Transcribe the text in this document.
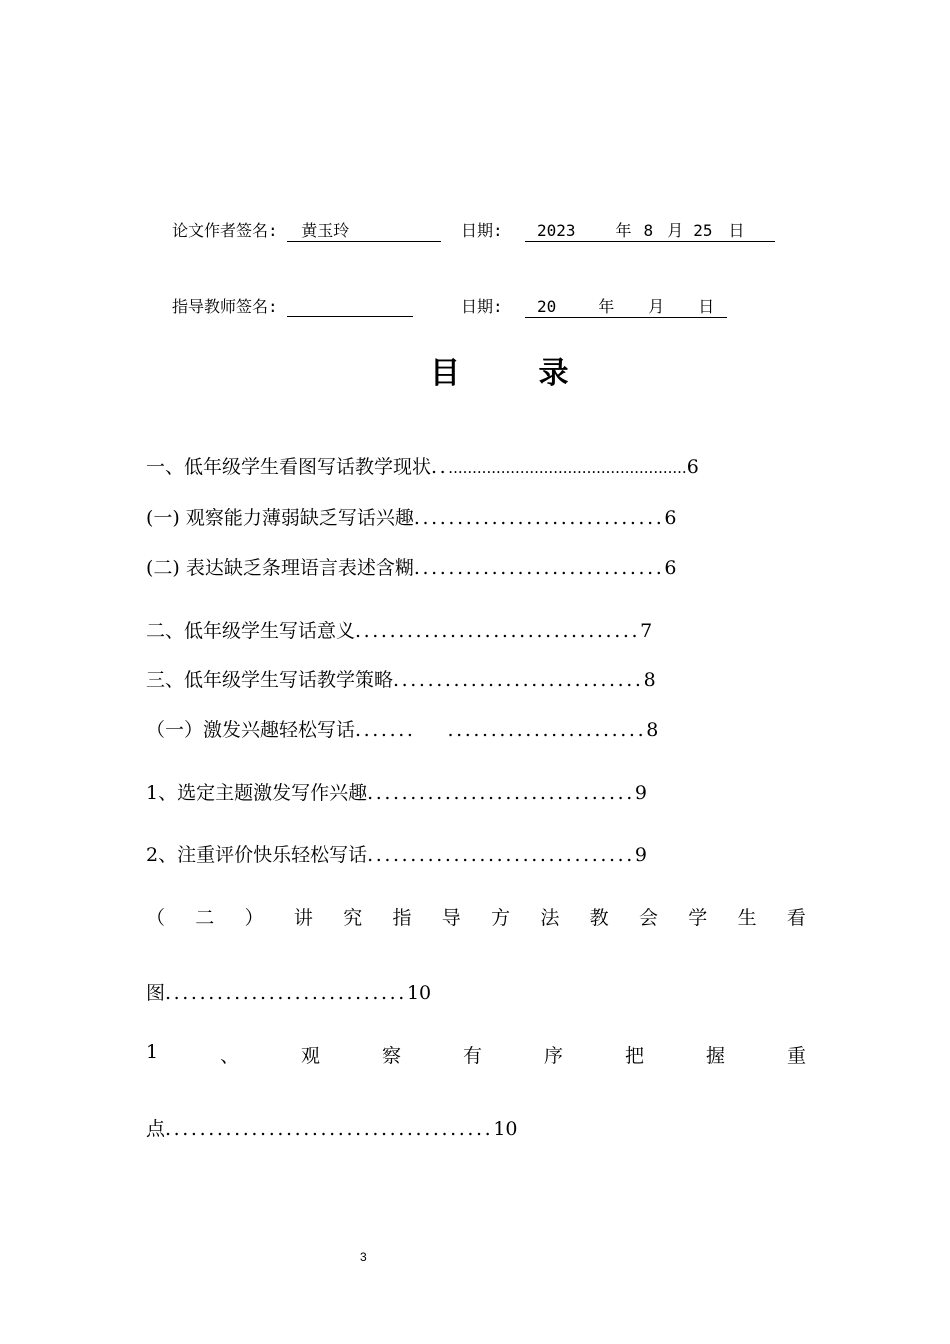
论文作者签名: 黄玉玲	日期:	2023	年 8 月 25 日
指导教师签名:	日期:	20	年 月 日
目 录
一、低年级学生看图写话教学现状....................................................6
(一) 观察能力薄弱缺乏写话兴趣.............................6
(二) 表达缺乏条理语言表述含糊.............................6
二、低年级学生写话意义.................................7
三、低年级学生写话教学策略.............................8
（一）激发兴趣轻松写话....... .......................8
1、选定主题激发写作兴趣...............................9
2、注重评价快乐轻松写话...............................9
（ 二 ） 讲 究 指 导 方 法 教 会 学 生 看
图............................10
1	、	观	察	有	序	把	握	重
点......................................10
3
